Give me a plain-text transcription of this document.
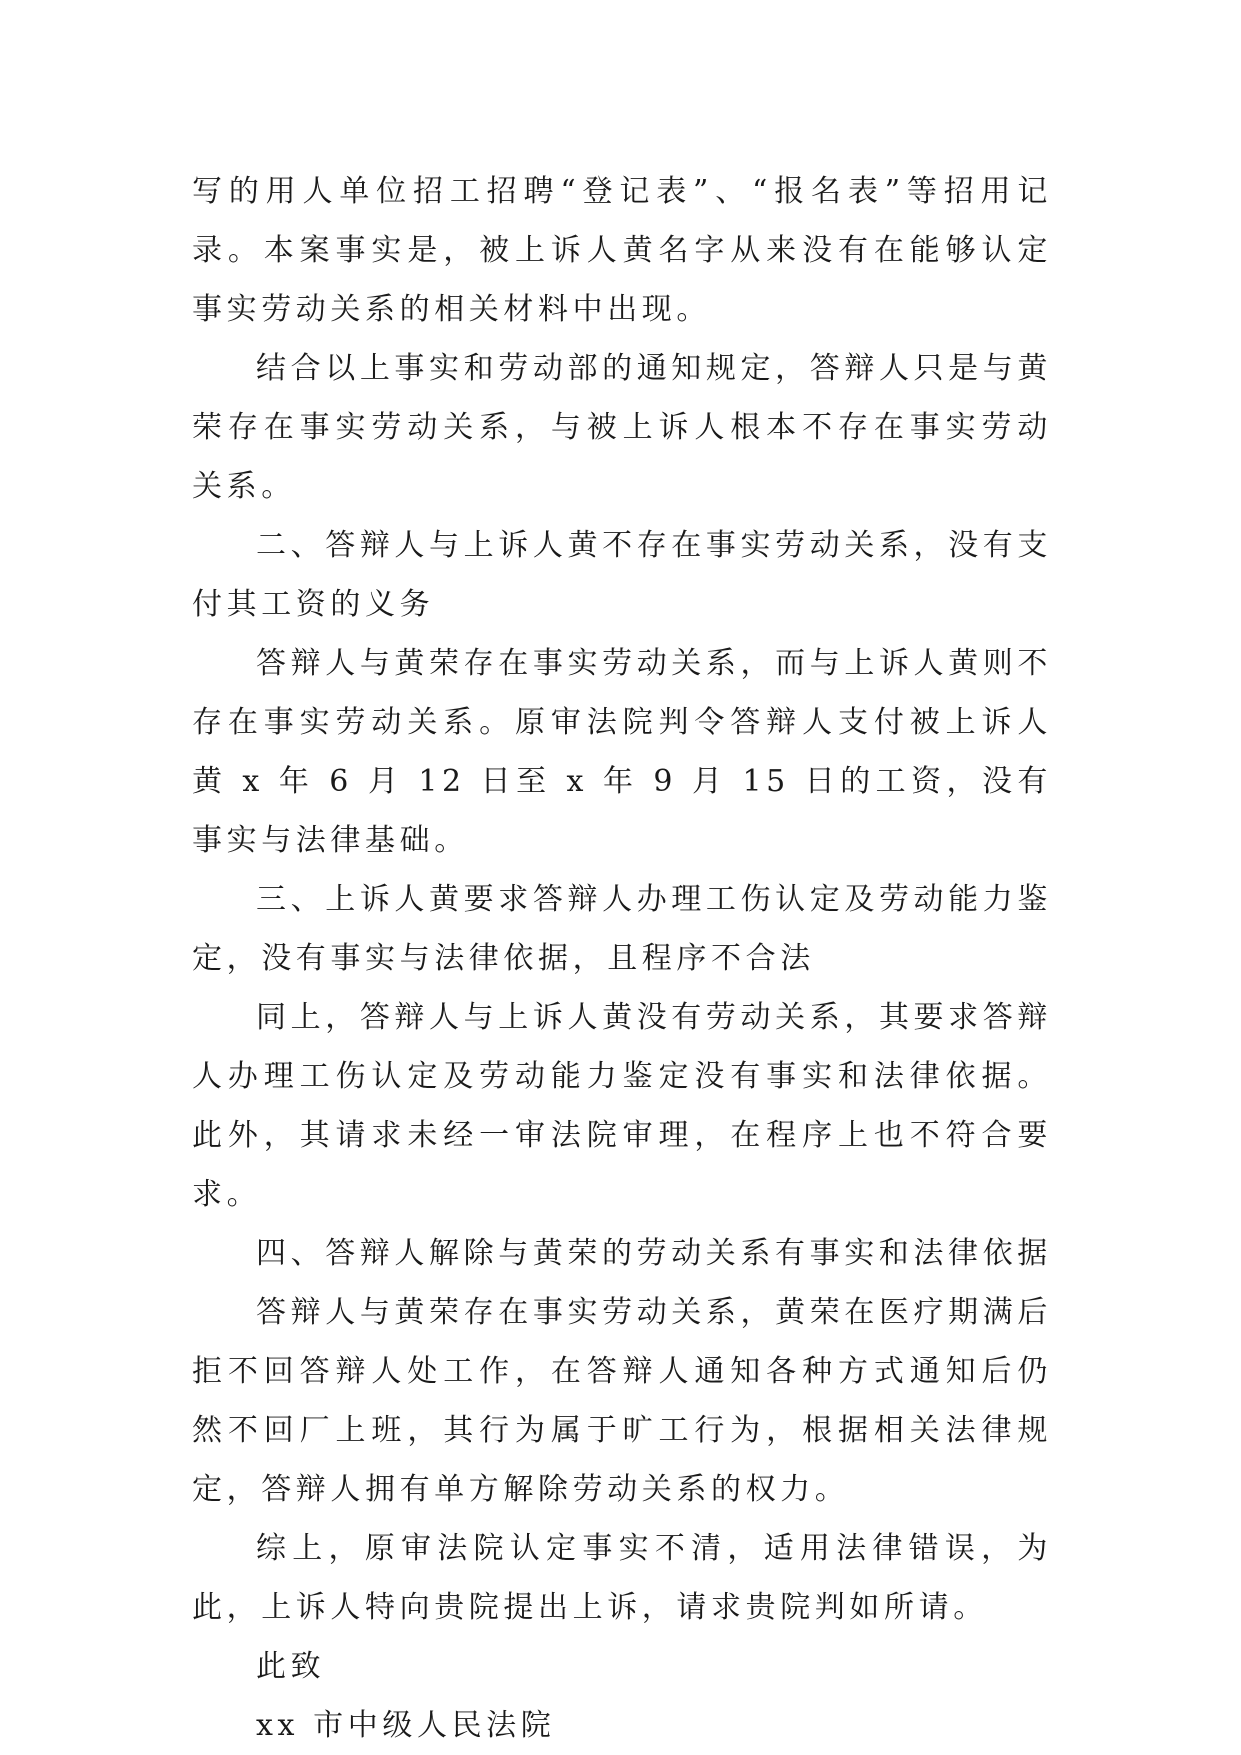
写的用人单位招工招聘“登记表”、“报名表”等招用记录。本案事实是，被上诉人黄名字从来没有在能够认定事实劳动关系的相关材料中出现。

结合以上事实和劳动部的通知规定，答辩人只是与黄荣存在事实劳动关系，与被上诉人根本不存在事实劳动关系。

二、答辩人与上诉人黄不存在事实劳动关系，没有支付其工资的义务

答辩人与黄荣存在事实劳动关系，而与上诉人黄则不存在事实劳动关系。原审法院判令答辩人支付被上诉人黄 x 年 6 月 12 日至 x 年 9 月 15 日的工资，没有事实与法律基础。

三、上诉人黄要求答辩人办理工伤认定及劳动能力鉴定，没有事实与法律依据，且程序不合法

同上，答辩人与上诉人黄没有劳动关系，其要求答辩人办理工伤认定及劳动能力鉴定没有事实和法律依据。此外，其请求未经一审法院审理，在程序上也不符合要求。

四、答辩人解除与黄荣的劳动关系有事实和法律依据

答辩人与黄荣存在事实劳动关系，黄荣在医疗期满后拒不回答辩人处工作，在答辩人通知各种方式通知后仍然不回厂上班，其行为属于旷工行为，根据相关法律规定，答辩人拥有单方解除劳动关系的权力。

综上，原审法院认定事实不清，适用法律错误，为此，上诉人特向贵院提出上诉，请求贵院判如所请。

此致

xx 市中级人民法院
